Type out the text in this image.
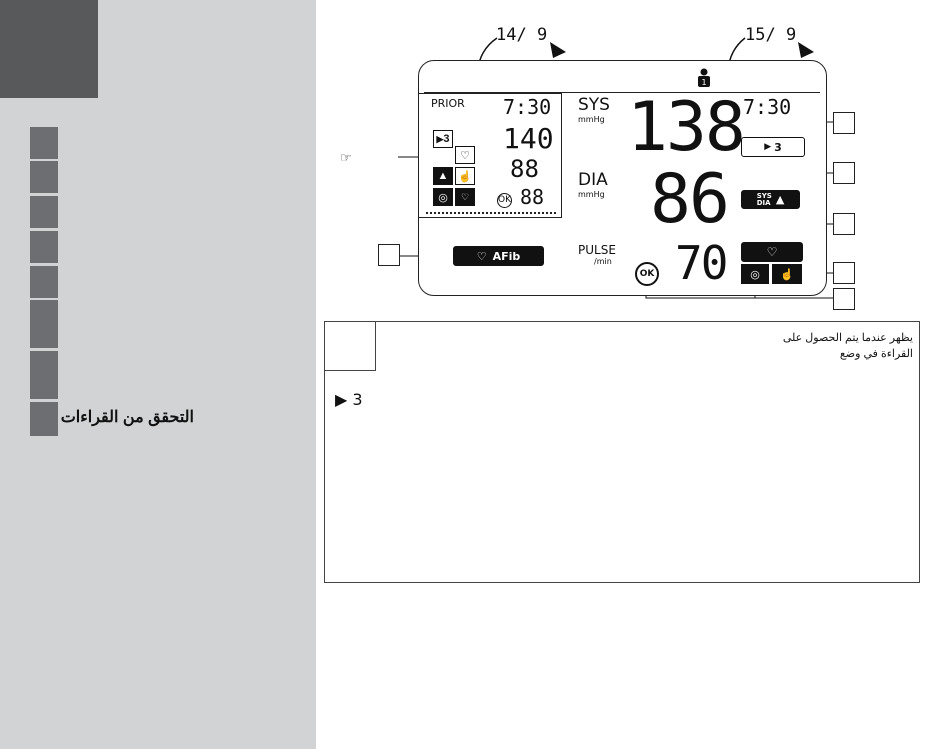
التحقق من القراءات
14/ 9	15/ 9
1
PRIOR 7:30
▶ 3 140
88
88
♡
▲ ☝
◎	♡	OK
SYS
mmHg
DIA
mmHg
PULSE
/min
138
86
70
7:30
▶ 3
SYS
DIA ▲
♡
◎	☝
OK
♡ AFib
☞
يظهر عندما يتم الحصول على
القراءة في وضع
▶ 3
